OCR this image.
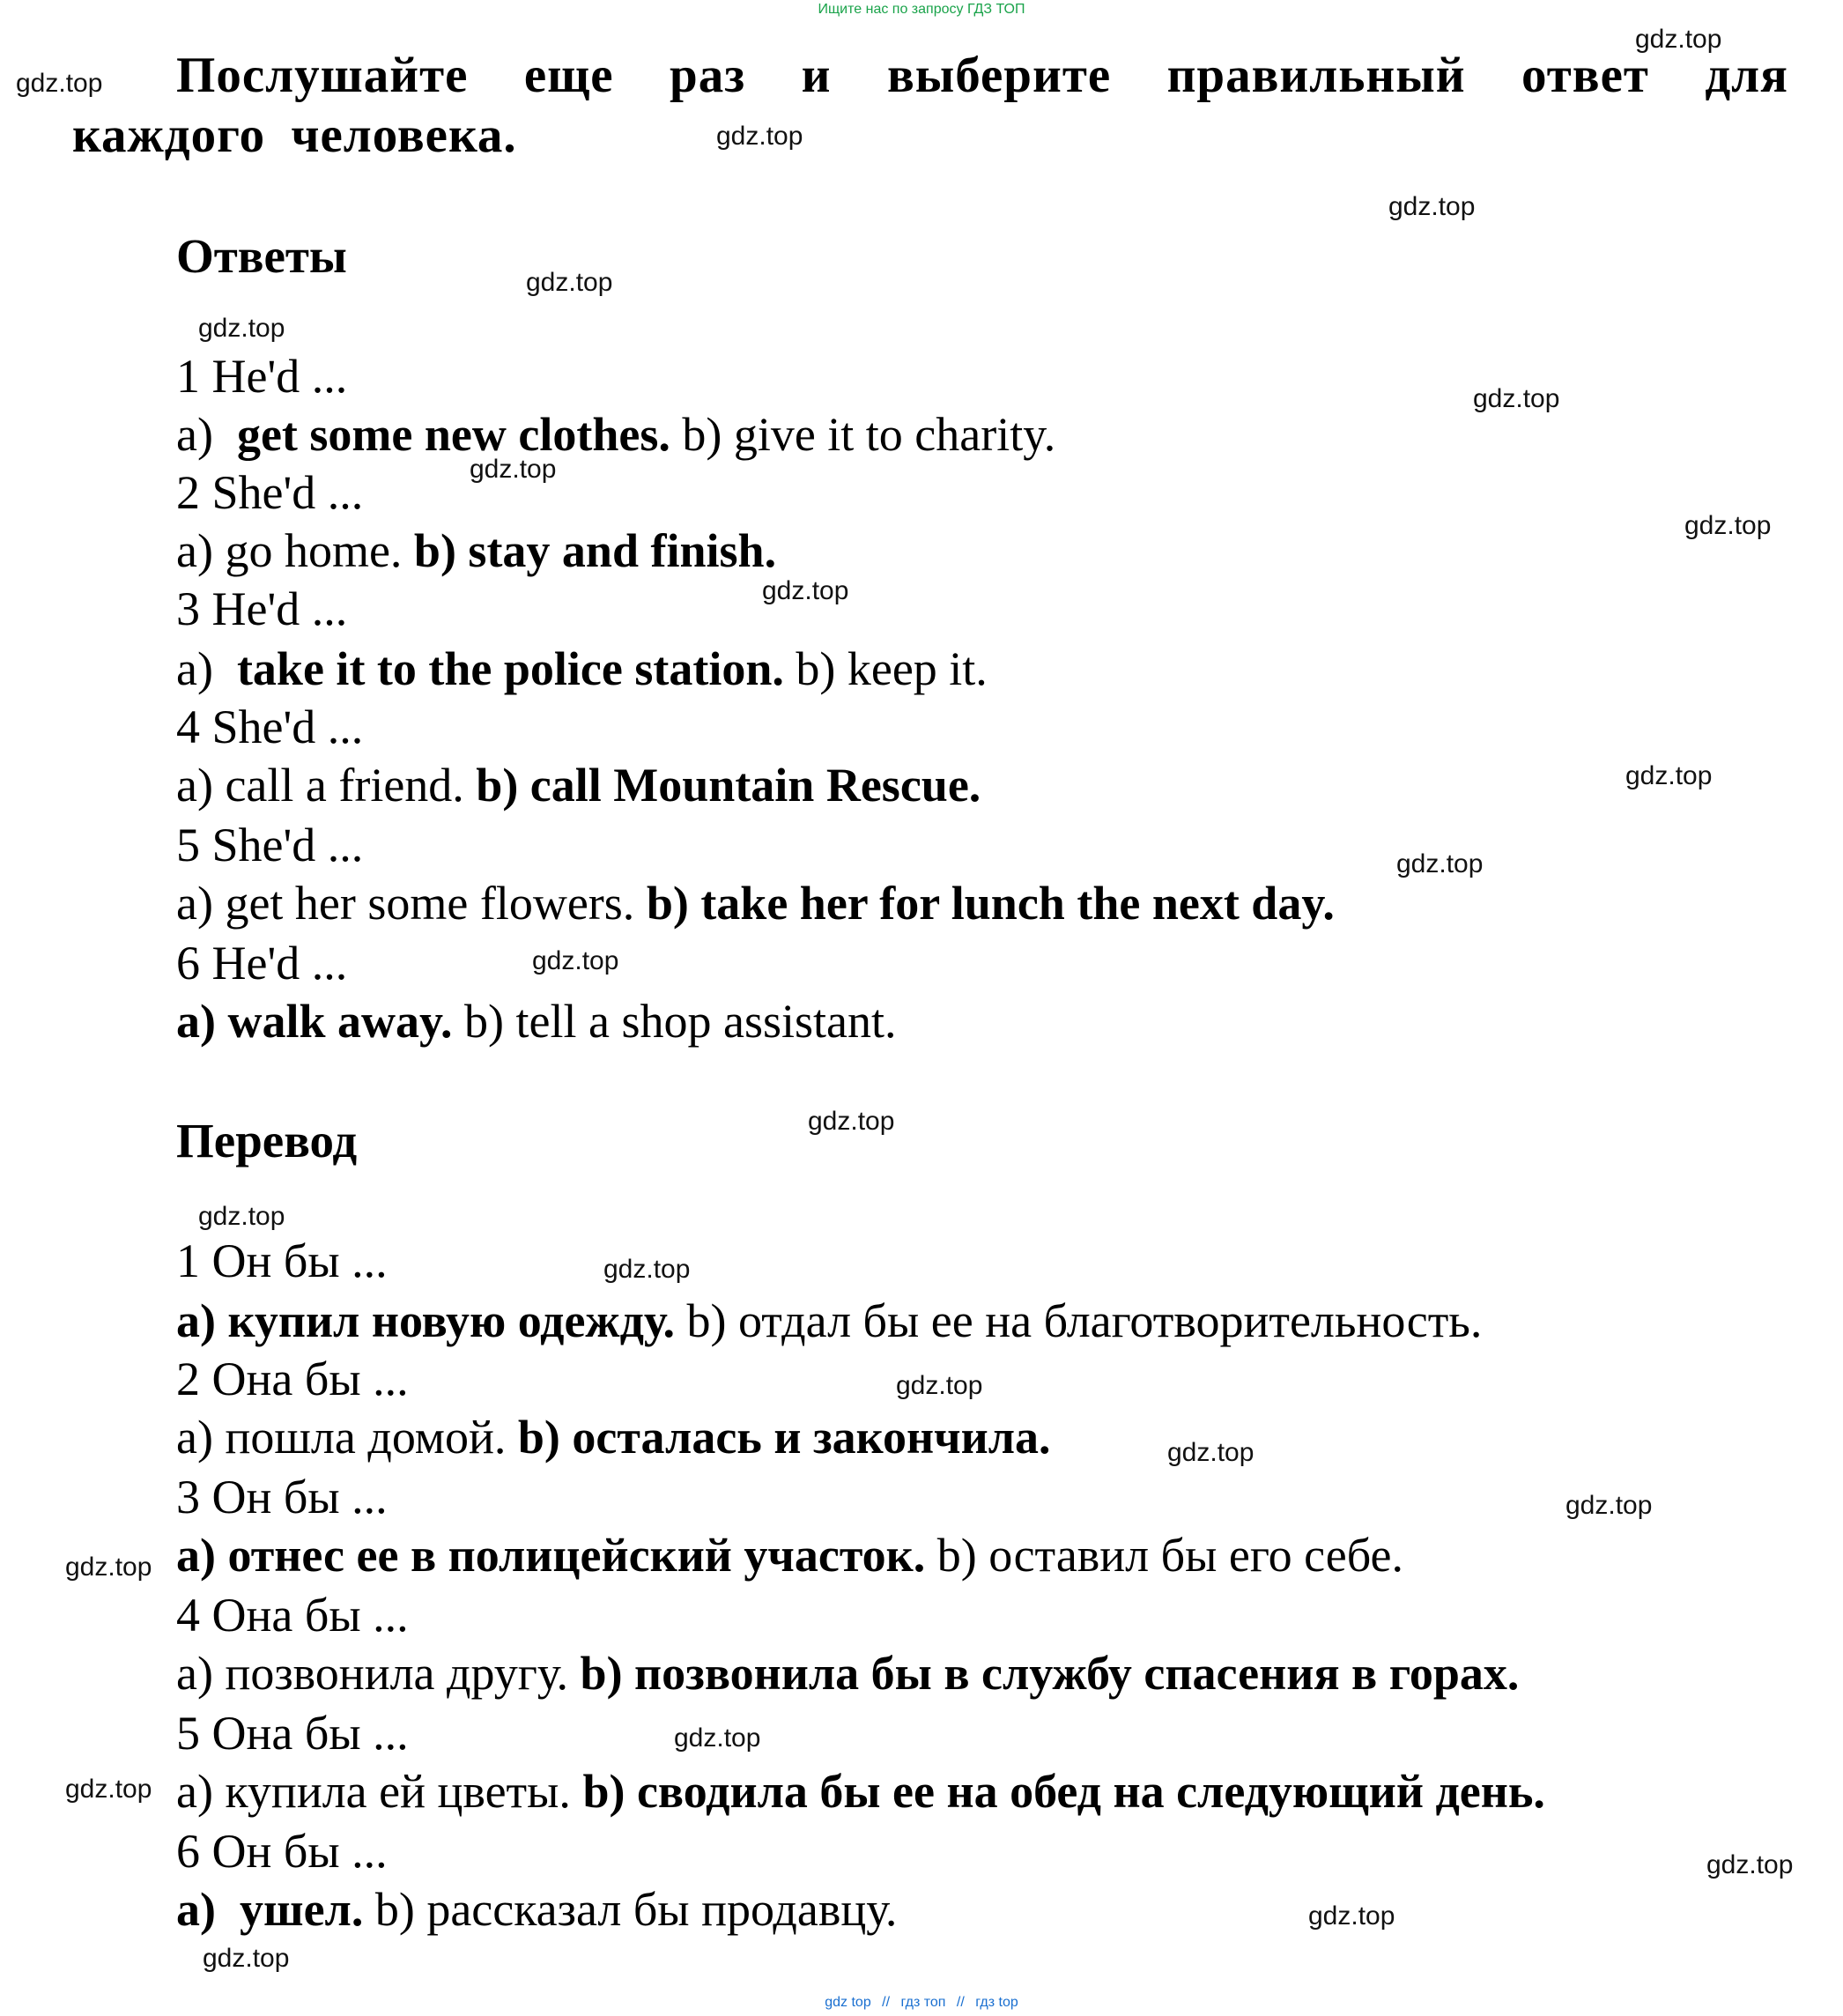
Ищите нас по запросу ГДЗ ТОП
Послушайте еще раз и выберите правильный ответ для каждого человека.
Ответы
1 He'd ...
a) get some new clothes. b) give it to charity.
2 She'd ...
a) go home. b) stay and finish.
3 He'd ...
a) take it to the police station. b) keep it.
4 She'd ...
a) call a friend. b) call Mountain Rescue.
5 She'd ...
a) get her some flowers. b) take her for lunch the next day.
6 He'd ...
a) walk away. b) tell a shop assistant.
Перевод
1 Он бы ...
a) купил новую одежду. b) отдал бы ее на благотворительность.
2 Она бы ...
a) пошла домой. b) осталась и закончила.
3 Он бы ...
a) отнес ее в полицейский участок. b) оставил бы его себе.
4 Она бы ...
a) позвонила другу. b) позвонила бы в службу спасения в горах.
5 Она бы ...
a) купила ей цветы. b) сводила бы ее на обед на следующий день.
6 Он бы ...
a) ушел. b) рассказал бы продавцу.
gdz.top
gdz.top
gdz.top
gdz.top
gdz.top
gdz.top
gdz.top
gdz.top
gdz.top
gdz.top
gdz.top
gdz.top
gdz.top
gdz.top
gdz.top
gdz.top
gdz.top
gdz.top
gdz.top
gdz.top
gdz.top
gdz.top
gdz.top
gdz.top
gdz.top
gdz top // гдз топ // гдз top
